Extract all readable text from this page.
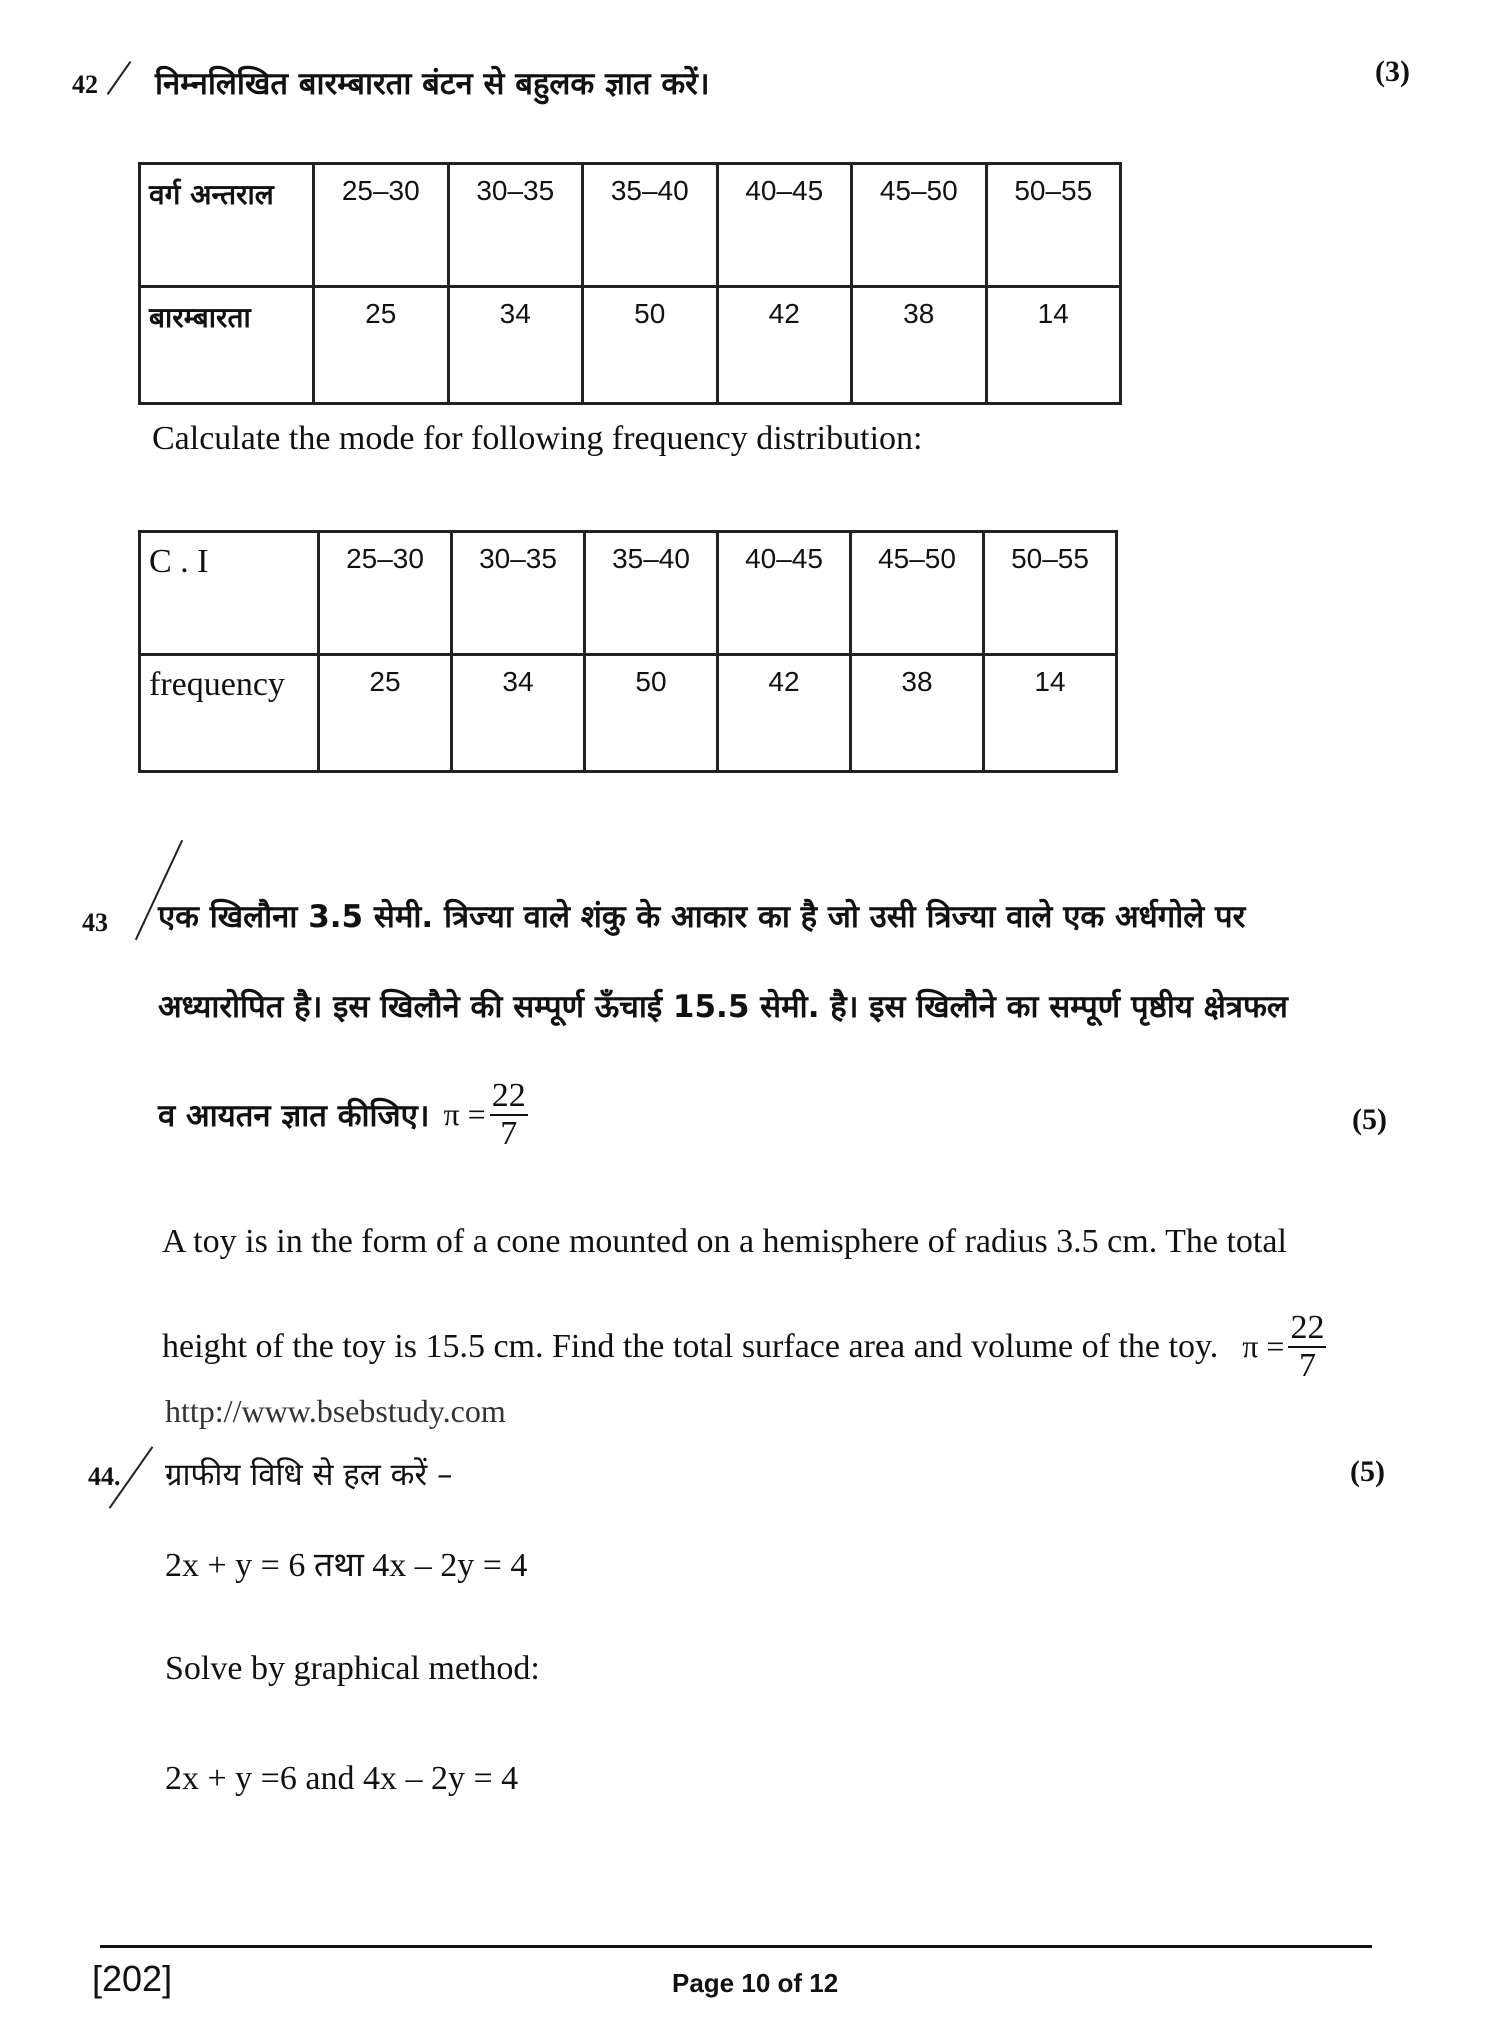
42 निम्नलिखित बारम्बारता बंटन से बहुलक ज्ञात करें।	(3)
वर्ग अन्तराल	25–30	30–35	35–40	40–45	45–50	50–55
बारम्बारता	25	34	50	42	38	14
Calculate the mode for following frequency distribution:
C . I	25–30	30–35	35–40	40–45	45–50	50–55
frequency	25	34	50	42	38	14
43 एक खिलौना 3.5 सेमी. त्रिज्या वाले शंकु के आकार का है जो उसी त्रिज्या वाले एक अर्धगोले पर
अध्यारोपित है। इस खिलौने की सम्पूर्ण ऊँचाई 15.5 सेमी. है। इस खिलौने का सम्पूर्ण पृष्ठीय क्षेत्रफल
व आयतन ज्ञात कीजिए। $\pi = \frac{22}{7}$	(5)
A toy is in the form of a cone mounted on a hemisphere of radius 3.5 cm. The total
height of the toy is 15.5 cm. Find the total surface area and volume of the toy. $\pi = \frac{22}{7}$
http://www.bsebstudy.com
44. ग्राफीय विधि से हल करें –	(5)
2x + y = 6 तथा 4x – 2y = 4
Solve by graphical method:
2x + y =6 and 4x – 2y = 4
[202]	Page 10 of 12
